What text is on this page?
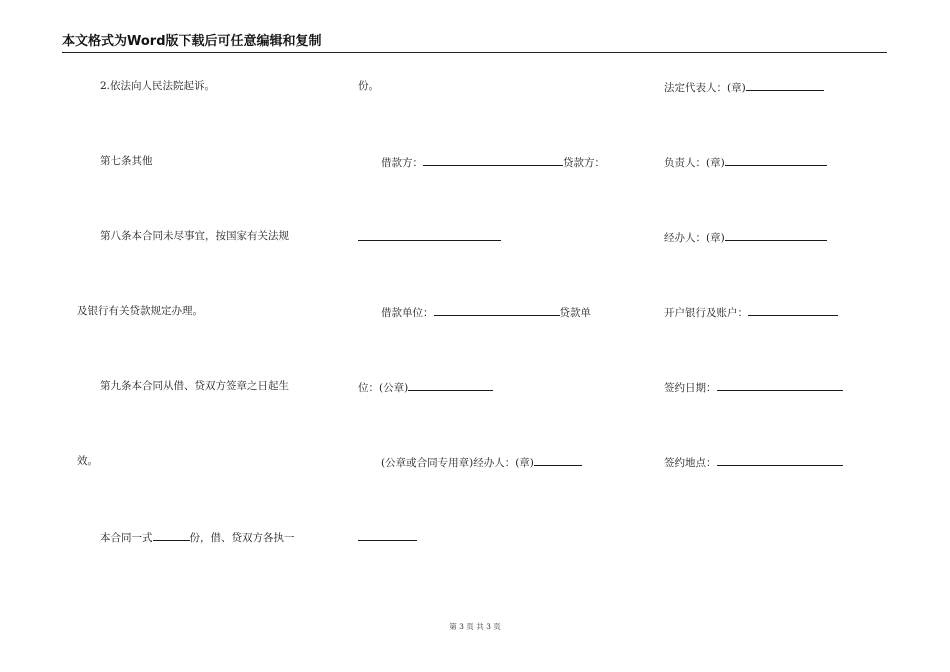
本文格式为Word版下载后可任意编辑和复制
2.依法向人民法院起诉。
第七条其他
第八条本合同未尽事宜，按国家有关法规
及银行有关贷款规定办理。
第九条本合同从借、贷双方签章之日起生
效。
本合同一式	份，借、贷双方各执一
份。
借款方：	贷款方：
借款单位：	贷款单
位：(公章)
(公章或合同专用章)经办人：(章)
法定代表人：(章)
负责人：(章)
经办人：(章)
开户银行及账户：
签约日期：
签约地点：
第 3 页 共 3 页
